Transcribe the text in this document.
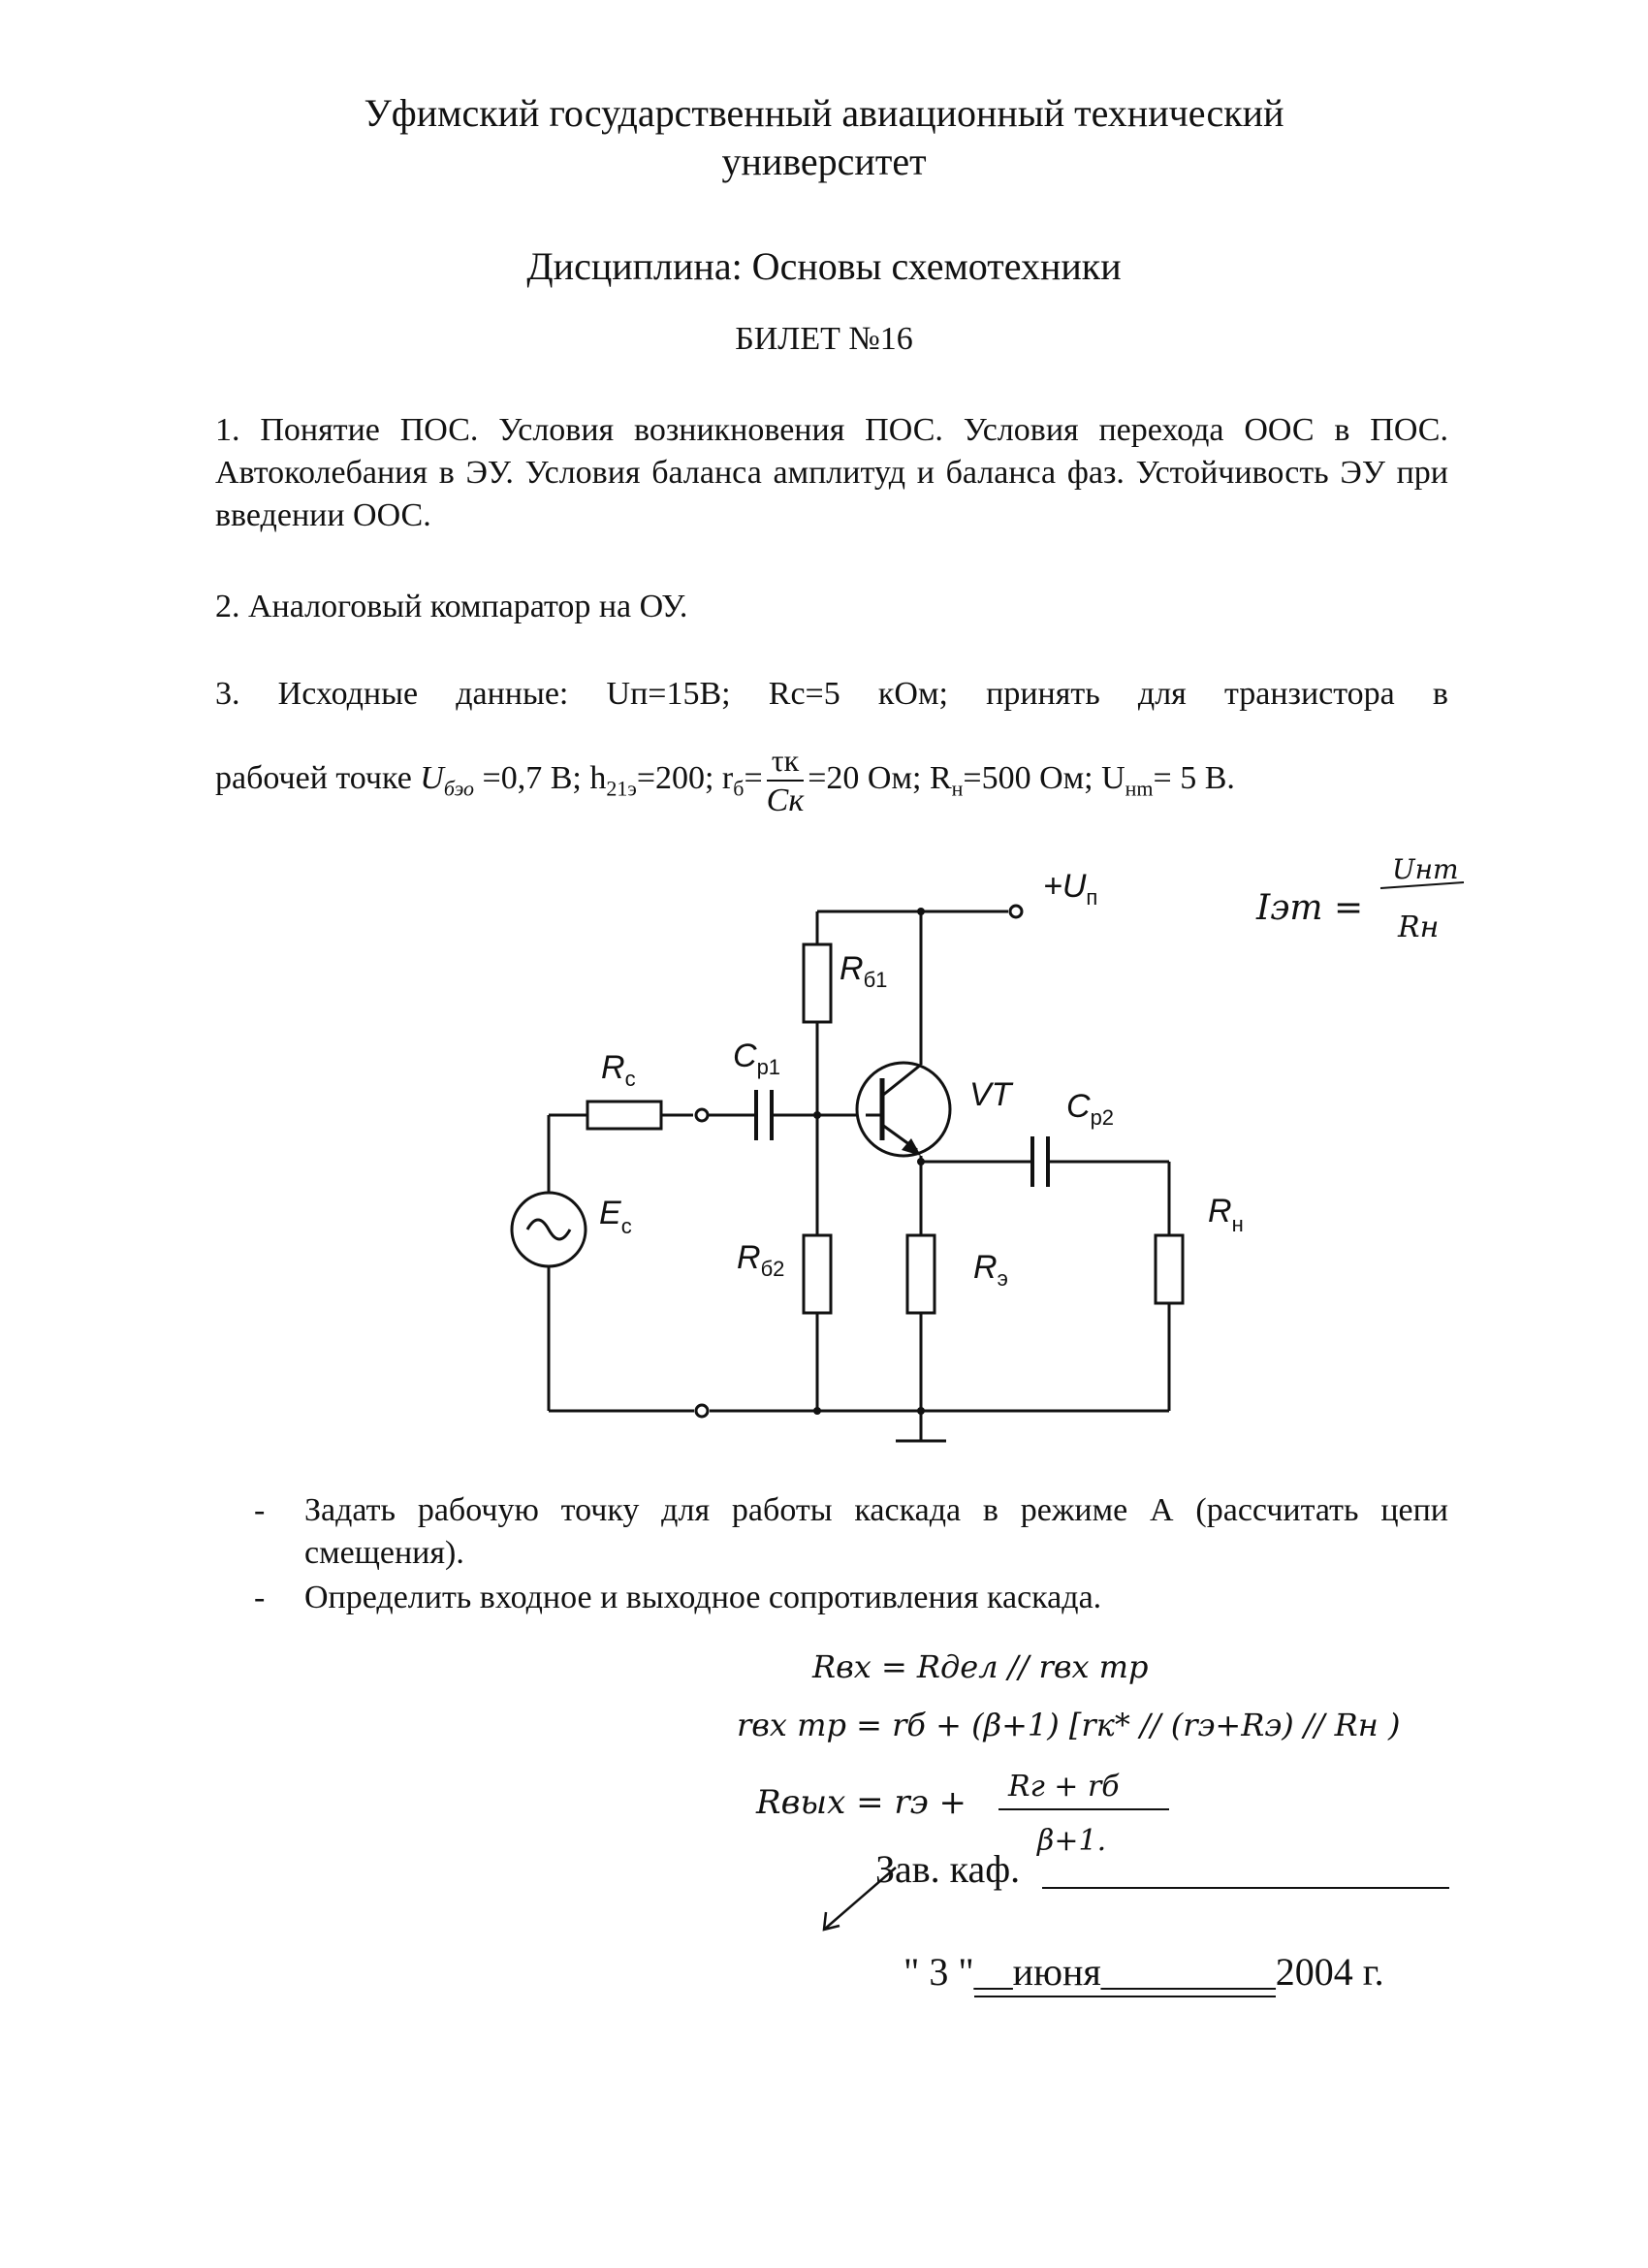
Уфимский государственный авиационный технический
университет
Дисциплина: Основы схемотехники
БИЛЕТ №16
1. Понятие ПОС. Условия возникновения ПОС. Условия перехода ООС в ПОС. Автоколебания в ЭУ. Условия баланса амплитуд и баланса фаз. Устойчивость ЭУ при введении ООС.
2. Аналоговый компаратор на ОУ.
3. Исходные данные: Uп=15В; Rc=5 кОм; принять для транзистора в
рабочей точке $U_{бэо} =0,7$ В; $h_{21э}=200$; $r_б= \frac{\tau к}{Cк} =20$ Ом; $R_н=500$ Ом; $U_{нm}= 5$ В.
$+U_п$
$R_{б1}$
$R_c$
$C_{р1}$
VT $C_{р2}$
$E_с$
$R_{б2}$	$R_э$
$R_н$
Iэm =
Uнm
Rн
Rвх = Rдел // rвх тр
rвх тр = rб + (β+1) [rк* // (rэ+Rэ) // Rн )
Rвых = rэ + Rг + rб
β+1.
- Задать рабочую точку для работы каскада в режиме А (рассчитать цепи смещения).
- Определить входное и выходное сопротивления каскада.
Зав. каф.
" 3 "__июня_________2004 г.
